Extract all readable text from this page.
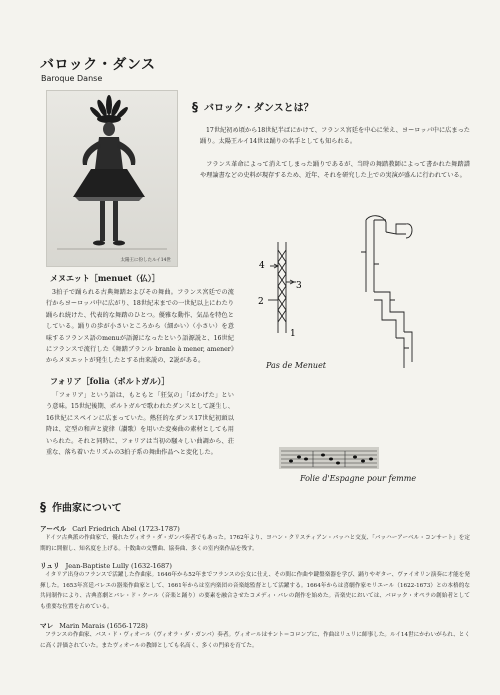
バロック・ダンス
Baroque Danse
太陽王に扮したルイ14世
§ バロック・ダンスとは？
17世紀初め頃から18世紀半ばにかけて、フランス宮廷を中心に栄え、ヨーロッパ中に広まった踊り。太陽王ルイ14世は踊りの名手としても知られる。
フランス革命によって消えてしまった踊りであるが、当時の舞踏教師によって書かれた舞踏譜や理論書などの史料が現存するため、近年、それを研究した上での実演が盛んに行われている。
メヌエット［menuet（仏）］
3拍子で踊られる古典舞踏およびその舞曲。フランス宮廷での流行からヨーロッパ中に広がり、18世紀末までの一世紀以上にわたり踊られ続けた、代表的な舞踏のひとつ。優雅な動作、気品を特色としている。踊りの歩が小さいところから（細かい）（小さい）を意味するフランス語のmenuが語源になったという語源説と、16世紀にフランスで流行した《舞踏ブランル branle à mener, amener》からメヌエットが発生したとする由来説の、2説がある。
4
3
2
1
Pas de Menuet
フォリア［folia（ポルトガル）］
「フォリア」という語は、もともと「狂気の」「ばかげた」という意味。15世紀後期、ポルトガルで歌われたダンスとして誕生し、16世紀にスペインに広まっていた。熱狂的なダンス17世紀初頭以降は、定型の和声と旋律（讃歌）を用いた変奏曲の素材としても用いられた。それと同時に、フォリアは当初の騒々しい曲調から、荘重な、落ち着いたリズムの3拍子系の舞曲作品へと変化した。
Folie d'Espagne pour femme
§ 作曲家について
アーベル Carl Friedrich Abel (1723-1787)
ドイツ古典派の作曲家で、優れたヴィオラ・ダ・ガンバ奏者でもあった。1762年より、ヨハン・クリスティアン・バッハと交友、「バッハーアーベル・コンサート」を定期的に開催し、知名度を上げる。十数曲の交響曲、協奏曲、多くの室内楽作品を残す。
リュリ Jean-Baptiste Lully (1632-1687)
イタリア出身のフランスで活躍した作曲家。1646年から52年までフランスの公女に仕え、その間に作曲や鍵盤楽器を学び、踊りやギター、ヴァイオリン演奏に才能を発揮した。1653年宮廷バレエの器楽作曲家として、1661年からは室内楽団の音楽総監督として活躍する。1664年からは喜劇作家モリエール（1622-1673）との本格的な共同制作により、古典喜劇とバレ・ド・クール（音楽と踊り）の要素を融合させたコメディ・バレの創作を始めた。音楽史においては、バロック・オペラの創始者としても重要な位置を占めている。
マレ Marin Marais (1656-1728)
フランスの作曲家、バス・ド・ヴィオール（ヴィオラ・ダ・ガンバ）奏者。ヴィオールはサント＝コロンブに、作曲はリュリに師事した。ルイ14世にかわいがられ、とくに高く評価されていた。またヴィオールの教師としても名高く、多くの門弟を育てた。
